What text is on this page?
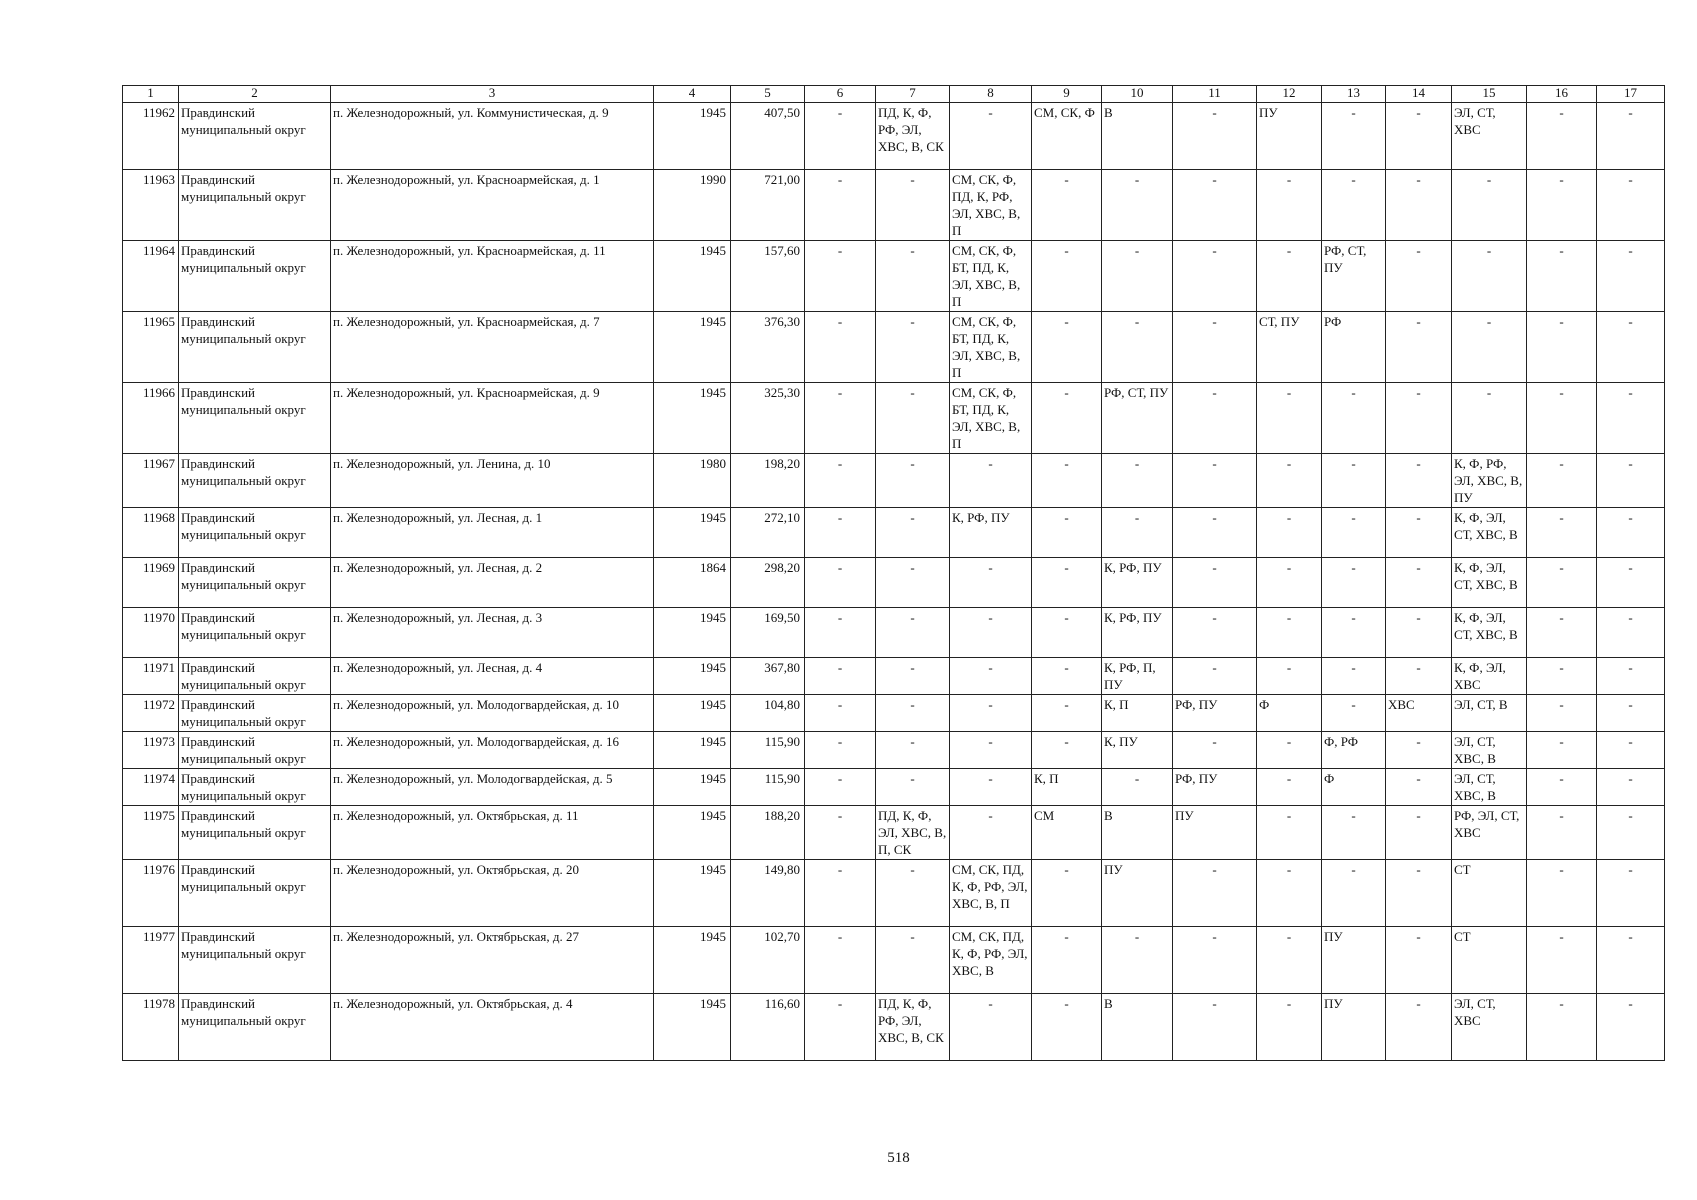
1	2	3	4	5	6	7	8	9	10	11	12	13	14	15	16	17
11962	Правдинский муниципальный округ	п. Железнодорожный, ул. Коммунистическая, д. 9	1945	407,50	-	ПД, К, Ф, РФ, ЭЛ, ХВС, В, СК	-	СМ, СК, Ф	В	-	ПУ	-	-	ЭЛ, СТ, ХВС	-	-
11963	Правдинский муниципальный округ	п. Железнодорожный, ул. Красноармейская, д. 1	1990	721,00	-	-	СМ, СК, Ф, ПД, К, РФ, ЭЛ, ХВС, В, П	-	-	-	-	-	-	-	-	-
11964	Правдинский муниципальный округ	п. Железнодорожный, ул. Красноармейская, д. 11	1945	157,60	-	-	СМ, СК, Ф, БТ, ПД, К, ЭЛ, ХВС, В, П	-	-	-	-	РФ, СТ, ПУ	-	-	-	-
11965	Правдинский муниципальный округ	п. Железнодорожный, ул. Красноармейская, д. 7	1945	376,30	-	-	СМ, СК, Ф, БТ, ПД, К, ЭЛ, ХВС, В, П	-	-	-	СТ, ПУ	РФ	-	-	-	-
11966	Правдинский муниципальный округ	п. Железнодорожный, ул. Красноармейская, д. 9	1945	325,30	-	-	СМ, СК, Ф, БТ, ПД, К, ЭЛ, ХВС, В, П	-	РФ, СТ, ПУ	-	-	-	-	-	-	-
11967	Правдинский муниципальный округ	п. Железнодорожный, ул. Ленина, д. 10	1980	198,20	-	-	-	-	-	-	-	-	-	К, Ф, РФ, ЭЛ, ХВС, В, ПУ	-	-
11968	Правдинский муниципальный округ	п. Железнодорожный, ул. Лесная, д. 1	1945	272,10	-	-	К, РФ, ПУ	-	-	-	-	-	-	К, Ф, ЭЛ, СТ, ХВС, В	-	-
11969	Правдинский муниципальный округ	п. Железнодорожный, ул. Лесная, д. 2	1864	298,20	-	-	-	-	К, РФ, ПУ	-	-	-	-	К, Ф, ЭЛ, СТ, ХВС, В	-	-
11970	Правдинский муниципальный округ	п. Железнодорожный, ул. Лесная, д. 3	1945	169,50	-	-	-	-	К, РФ, ПУ	-	-	-	-	К, Ф, ЭЛ, СТ, ХВС, В	-	-
11971	Правдинский муниципальный округ	п. Железнодорожный, ул. Лесная, д. 4	1945	367,80	-	-	-	-	К, РФ, П, ПУ	-	-	-	-	К, Ф, ЭЛ, ХВС	-	-
11972	Правдинский муниципальный округ	п. Железнодорожный, ул. Молодогвардейская, д. 10	1945	104,80	-	-	-	-	К, П	РФ, ПУ	Ф	-	ХВС	ЭЛ, СТ, В	-	-
11973	Правдинский муниципальный округ	п. Железнодорожный, ул. Молодогвардейская, д. 16	1945	115,90	-	-	-	-	К, ПУ	-	-	Ф, РФ	-	ЭЛ, СТ, ХВС, В	-	-
11974	Правдинский муниципальный округ	п. Железнодорожный, ул. Молодогвардейская, д. 5	1945	115,90	-	-	-	К, П	-	РФ, ПУ	-	Ф	-	ЭЛ, СТ, ХВС, В	-	-
11975	Правдинский муниципальный округ	п. Железнодорожный, ул. Октябрьская, д. 11	1945	188,20	-	ПД, К, Ф, ЭЛ, ХВС, В, П, СК	-	СМ	В	ПУ	-	-	-	РФ, ЭЛ, СТ, ХВС	-	-
11976	Правдинский муниципальный округ	п. Железнодорожный, ул. Октябрьская, д. 20	1945	149,80	-	-	СМ, СК, ПД, К, Ф, РФ, ЭЛ, ХВС, В, П	-	ПУ	-	-	-	-	СТ	-	-
11977	Правдинский муниципальный округ	п. Железнодорожный, ул. Октябрьская, д. 27	1945	102,70	-	-	СМ, СК, ПД, К, Ф, РФ, ЭЛ, ХВС, В	-	-	-	-	ПУ	-	СТ	-	-
11978	Правдинский муниципальный округ	п. Железнодорожный, ул. Октябрьская, д. 4	1945	116,60	-	ПД, К, Ф, РФ, ЭЛ, ХВС, В, СК	-	-	В	-	-	ПУ	-	ЭЛ, СТ, ХВС	-	-
518
